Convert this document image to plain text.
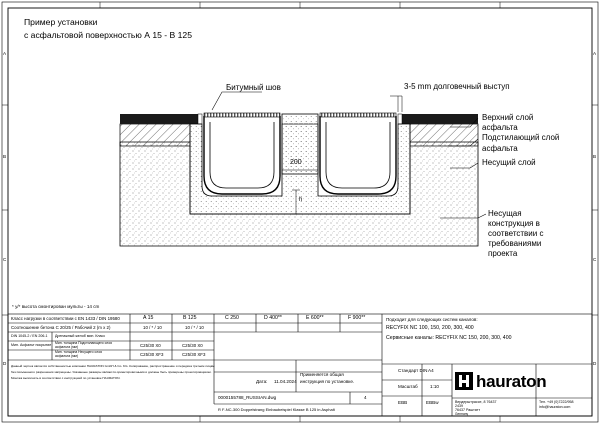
A
B
C
D
A
B
C
D
Пример установки
с асфальтовой поверхностью А 15 - В 125
Битумный шов	3-5 mm долговечный выступ
Верхний слой
асфальта
Подстилающий слой
асфальта
Несущий слой
Несущая
конструкция в
соответствии с
требованиями
проекта
200
h
* у/* высота смонтирован мульты - 14 cm
Класс нагрузки в соответствии с EN 1433 / DIN 19580	A 15	B 125	C 250	D 400**	E 600**	F 900**
Соотношение бетона С 20/25 / Рабочий 2 (m x 2)	10 / * / 10	10 / * / 10
DIN 1045-2 / EN 206-1 Дренажный желоб мин. Класс
Мин. Асфальт покрытие Мин. толщина Подстилающего слоя
асфальта (мм)	C25/30 X0	C25/30 X0
Мин. толщина Несущего слоя
асфальта (мм)	C25/30 XF3	C25/30 XF3
Данный чертеж является собственностью компании HAURATON GmbH & Co. KG. Копирование, распространение и передача третьим лицам
без письменного разрешения запрещены. Указанные размеры являются ориентировочными и должны быть проверены проектировщиком.
Монтаж выполнять в соответствии с инструкцией по установке HAURATON.
Дата: 11.04.2024
Применяется общая
инструкция по установке.
0000155788_RUSSIAN.dwg	4
R F-NC-300 Doppelstrang Einbaubeispiel Klasse B 125 in Asphalt
Подходит для следующих систем каналов:
RECYFIX NC 100, 150, 200, 300, 400
Сервисные каналы: RECYFIX NC 150, 200, 300, 400
Стандарт DIN A4
Масштаб	1:10
ЕВВ	EBBw
hauraton
Вердерштрассе, 8 76437
2439
76437 Раштатт
Germany
Тел. +49 (0)7222/958
info@hauraton.com
